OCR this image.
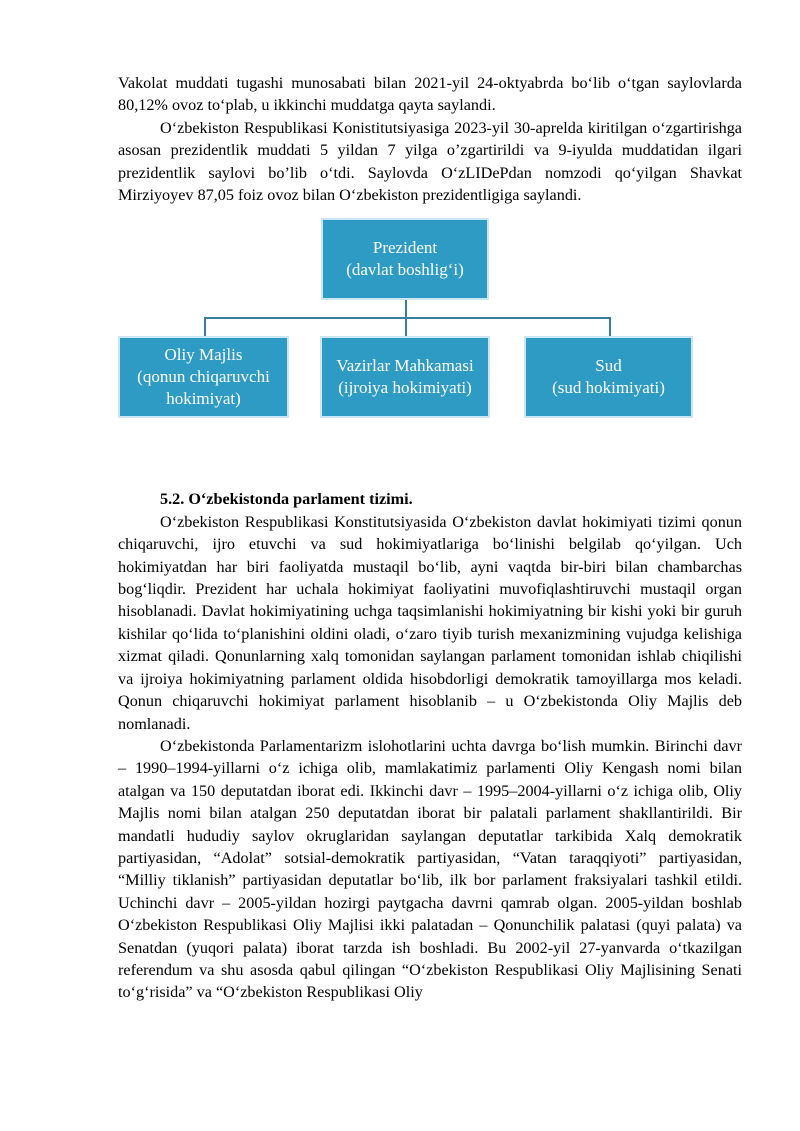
Vakolat muddati tugashi munosabati bilan 2021-yil 24-oktyabrda bo‘lib o‘tgan saylovlarda 80,12% ovoz to‘plab, u ikkinchi muddatga qayta saylandi.

O‘zbekiston Respublikasi Konistitutsiyasiga 2023-yil 30-aprelda kiritilgan o‘zgartirishga asosan prezidentlik muddati 5 yildan 7 yilga o’zgartirildi va 9-iyulda muddatidan ilgari prezidentlik saylovi bo’lib o‘tdi. Saylovda O‘zLIDePdan nomzodi qo‘yilgan Shavkat Mirziyoyev 87,05 foiz ovoz bilan O‘zbekiston prezidentligiga saylandi.

Prezident
(davlat boshlig‘i)
Oliy Majlis
(qonun chiqaruvchi
hokimiyat)
Vazirlar Mahkamasi
(ijroiya hokimiyati)
Sud
(sud hokimiyati)

5.2. O‘zbekistonda parlament tizimi.

O‘zbekiston Respublikasi Konstitutsiyasida O‘zbekiston davlat hokimiyati tizimi qonun chiqaruvchi, ijro etuvchi va sud hokimiyatlariga bo‘linishi belgilab qo‘yilgan. Uch hokimiyatdan har biri faoliyatda mustaqil bo‘lib, ayni vaqtda bir-biri bilan chambarchas bog‘liqdir. Prezident har uchala hokimiyat faoliyatini muvofiqlashtiruvchi mustaqil organ hisoblanadi. Davlat hokimiyatining uchga taqsimlanishi hokimiyatning bir kishi yoki bir guruh kishilar qo‘lida to‘planishini oldini oladi, o‘zaro tiyib turish mexanizmining vujudga kelishiga xizmat qiladi. Qonunlarning xalq tomonidan saylangan parlament tomonidan ishlab chiqilishi va ijroiya hokimiyatning parlament oldida hisobdorligi demokratik tamoyillarga mos keladi. Qonun chiqaruvchi hokimiyat parlament hisoblanib – u O‘zbekistonda Oliy Majlis deb nomlanadi.

O‘zbekistonda Parlamentarizm islohotlarini uchta davrga bo‘lish mumkin. Birinchi davr – 1990–1994-yillarni o‘z ichiga olib, mamlakatimiz parlamenti Oliy Kengash nomi bilan atalgan va 150 deputatdan iborat edi. Ikkinchi davr – 1995–2004-yillarni o‘z ichiga olib, Oliy Majlis nomi bilan atalgan 250 deputatdan iborat bir palatali parlament shakllantirildi. Bir mandatli hududiy saylov okruglaridan saylangan deputatlar tarkibida Xalq demokratik partiyasidan, “Adolat” sotsial-demokratik partiyasidan, “Vatan taraqqiyoti” partiyasidan, “Milliy tiklanish” partiyasidan deputatlar bo‘lib, ilk bor parlament fraksiyalari tashkil etildi. Uchinchi davr – 2005-yildan hozirgi paytgacha davrni qamrab olgan. 2005-yildan boshlab O‘zbekiston Respublikasi Oliy Majlisi ikki palatadan – Qonunchilik palatasi (quyi palata) va Senatdan (yuqori palata) iborat tarzda ish boshladi. Bu 2002-yil 27-yanvarda o‘tkazilgan referendum va shu asosda qabul qilingan “O‘zbekiston Respublikasi Oliy Majlisining Senati to‘g‘risida” va “O‘zbekiston Respublikasi Oliy
